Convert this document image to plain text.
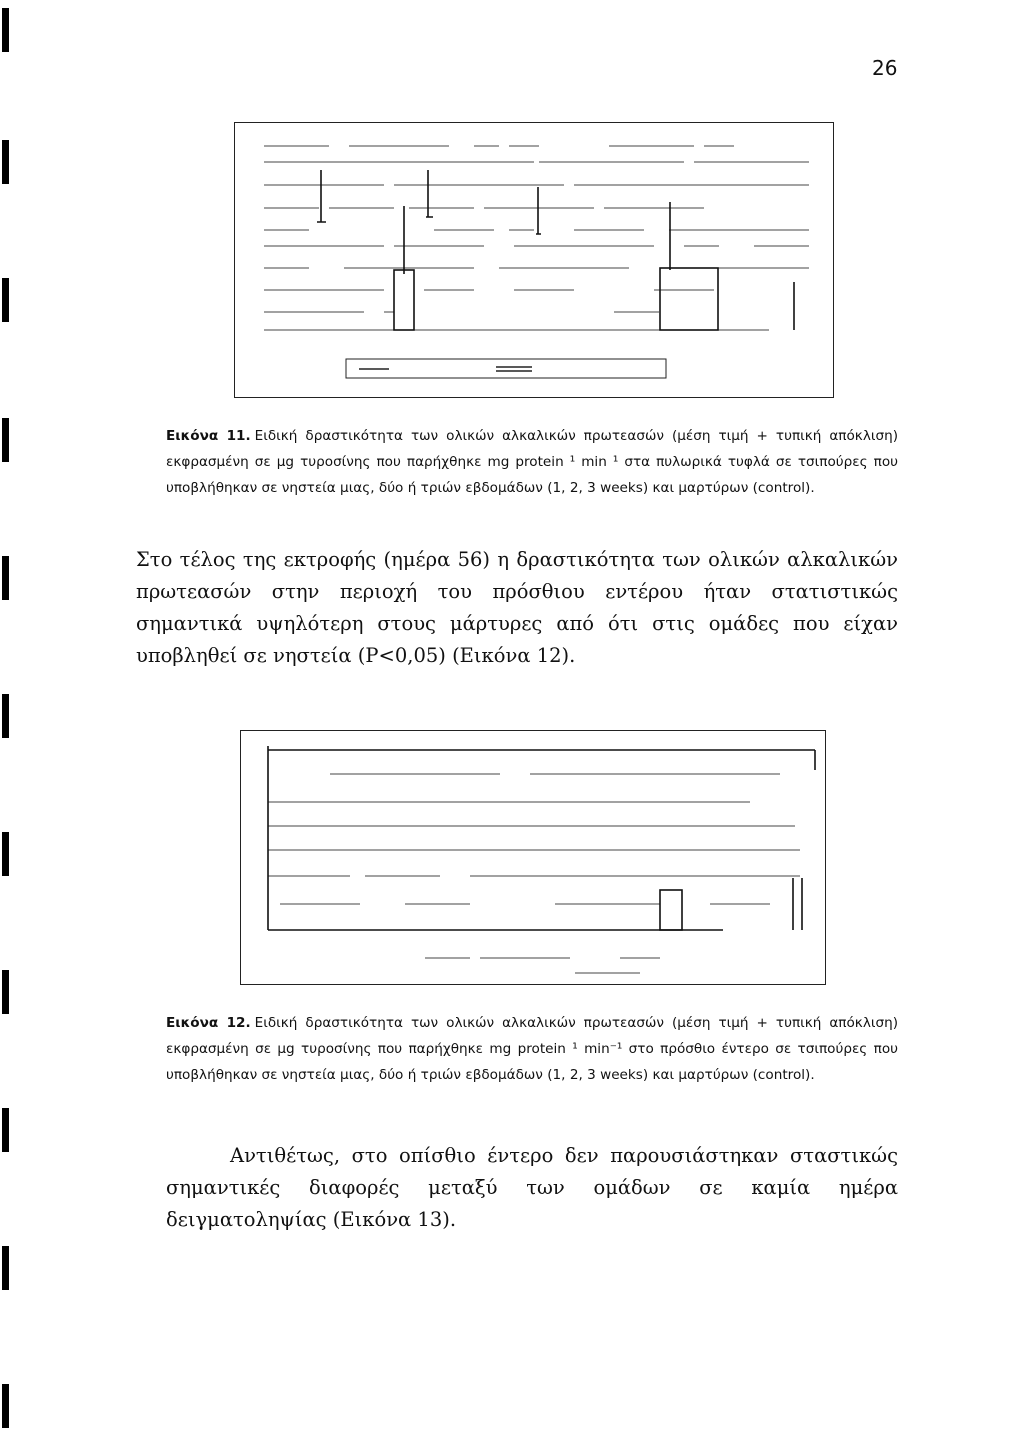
26
Εικόνα 11. Ειδική δραστικότητα των ολικών αλκαλικών πρωτεασών (μέση τιμή + τυπική απόκλιση) εκφρασμένη σε μg τυροσίνης που παρήχθηκε mg protein ¹ min ¹ στα πυλωρικά τυφλά σε τσιπούρες που υποβλήθηκαν σε νηστεία μιας, δύο ή τριών εβδομάδων (1, 2, 3 weeks) και μαρτύρων (control).
Στο τέλος της εκτροφής (ημέρα 56) η δραστικότητα των ολικών αλκαλικών πρωτεασών στην περιοχή του πρόσθιου εντέρου ήταν στατιστικώς σημαντικά υψηλότερη στους μάρτυρες από ότι στις ομάδες που είχαν υποβληθεί σε νηστεία (P<0,05) (Εικόνα 12).
Εικόνα 12. Ειδική δραστικότητα των ολικών αλκαλικών πρωτεασών (μέση τιμή + τυπική απόκλιση) εκφρασμένη σε μg τυροσίνης που παρήχθηκε mg protein ¹ min⁻¹ στο πρόσθιο έντερο σε τσιπούρες που υποβλήθηκαν σε νηστεία μιας, δύο ή τριών εβδομάδων (1, 2, 3 weeks) και μαρτύρων (control).
Αντιθέτως, στο οπίσθιο έντερο δεν παρουσιάστηκαν σταστικώς σημαντικές διαφορές μεταξύ των ομάδων σε καμία ημέρα δειγματοληψίας (Εικόνα 13).
